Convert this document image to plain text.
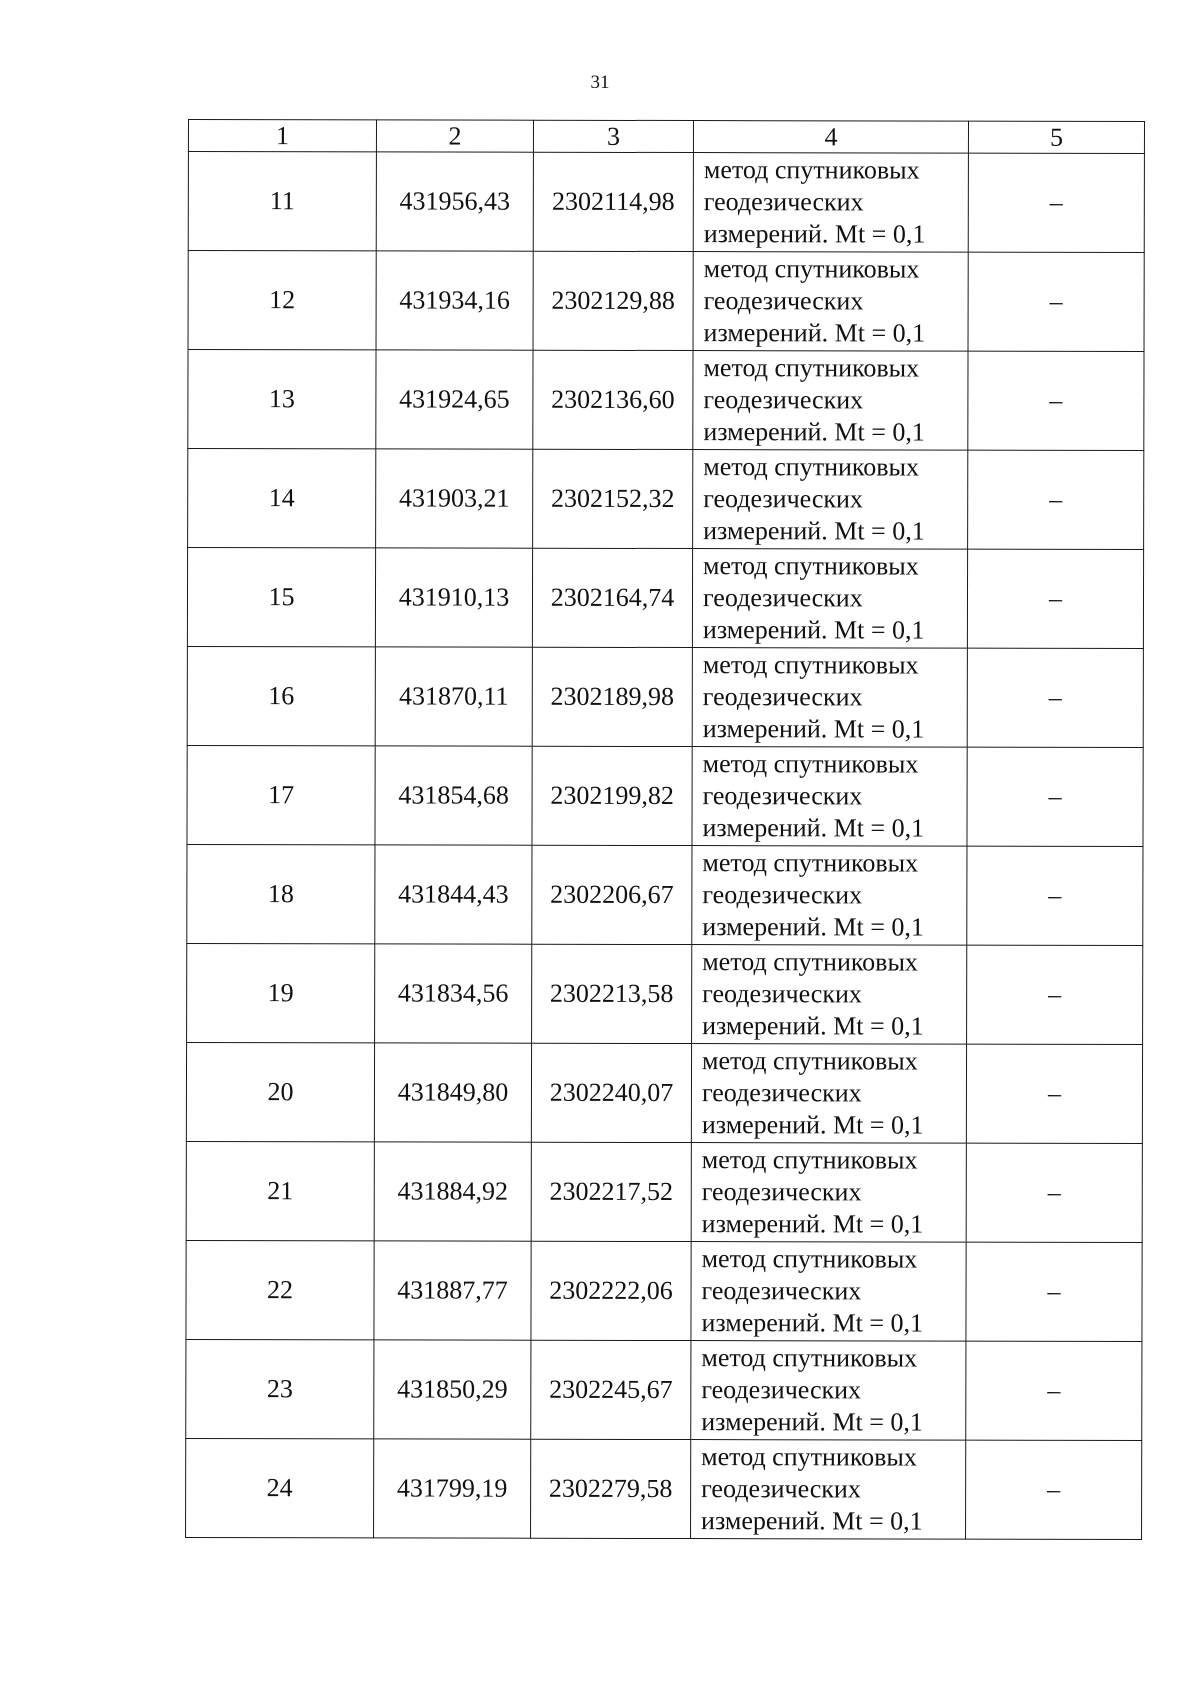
31
1	2	3	4	5
11	431956,43	2302114,98	метод спутниковых
геодезических
измерений. Mt = 0,1	–
12	431934,16	2302129,88	метод спутниковых
геодезических
измерений. Mt = 0,1	–
13	431924,65	2302136,60	метод спутниковых
геодезических
измерений. Mt = 0,1	–
14	431903,21	2302152,32	метод спутниковых
геодезических
измерений. Mt = 0,1	–
15	431910,13	2302164,74	метод спутниковых
геодезических
измерений. Mt = 0,1	–
16	431870,11	2302189,98	метод спутниковых
геодезических
измерений. Mt = 0,1	–
17	431854,68	2302199,82	метод спутниковых
геодезических
измерений. Mt = 0,1	–
18	431844,43	2302206,67	метод спутниковых
геодезических
измерений. Mt = 0,1	–
19	431834,56	2302213,58	метод спутниковых
геодезических
измерений. Mt = 0,1	–
20	431849,80	2302240,07	метод спутниковых
геодезических
измерений. Mt = 0,1	–
21	431884,92	2302217,52	метод спутниковых
геодезических
измерений. Mt = 0,1	–
22	431887,77	2302222,06	метод спутниковых
геодезических
измерений. Mt = 0,1	–
23	431850,29	2302245,67	метод спутниковых
геодезических
измерений. Mt = 0,1	–
24	431799,19	2302279,58	метод спутниковых
геодезических
измерений. Mt = 0,1	–
